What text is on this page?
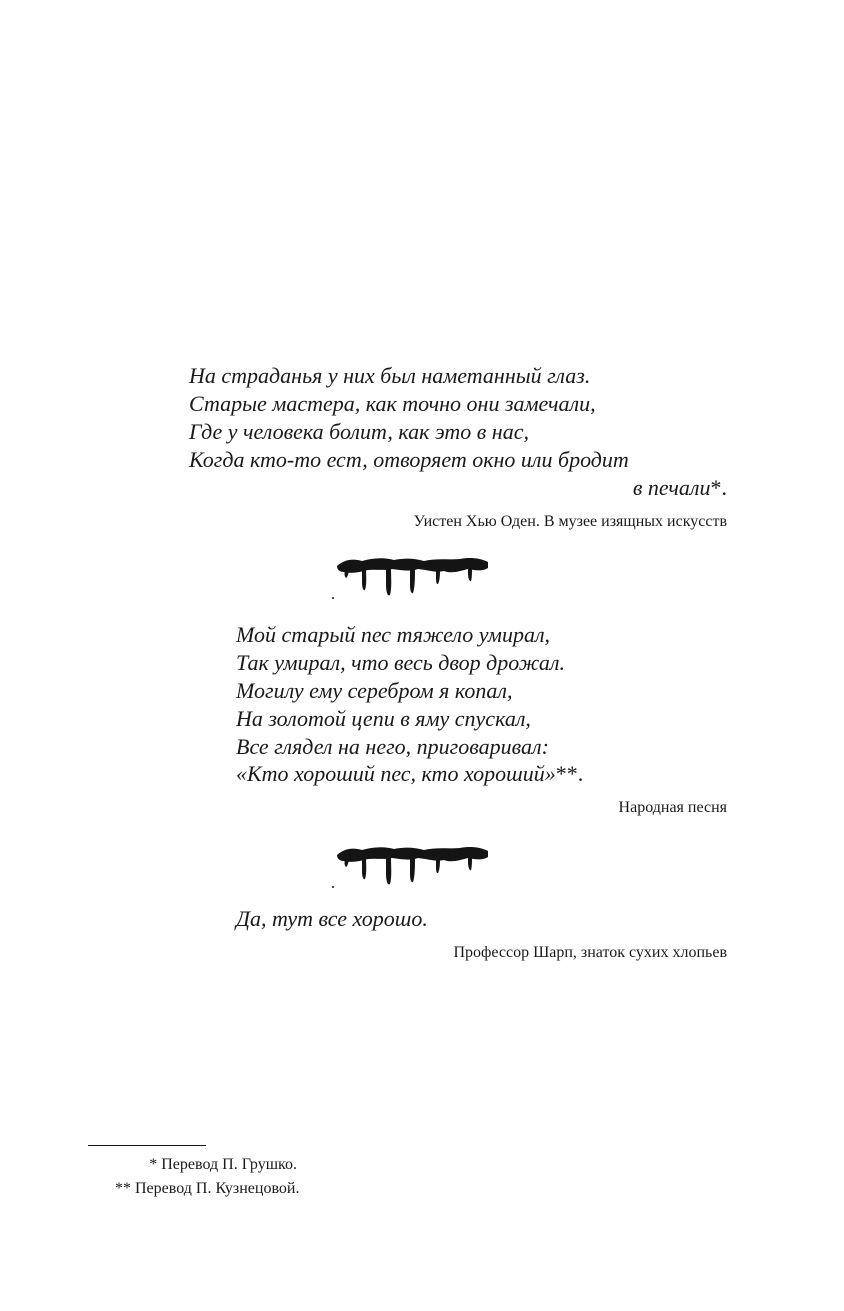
На страданья у них был наметанный глаз.
Старые мастера, как точно они замечали,
Где у человека болит, как это в нас,
Когда кто-то ест, отворяет окно или бродит
в печали*.
Уистен Хью Оден. В музее изящных искусств
Мой старый пес тяжело умирал,
Так умирал, что весь двор дрожал.
Могилу ему серебром я копал,
На золотой цепи в яму спускал,
Все глядел на него, приговаривал:
«Кто хороший пес, кто хороший»**.
Народная песня
Да, тут все хорошо.
Профессор Шарп, знаток сухих хлопьев
* Перевод П. Грушко.
** Перевод П. Кузнецовой.
